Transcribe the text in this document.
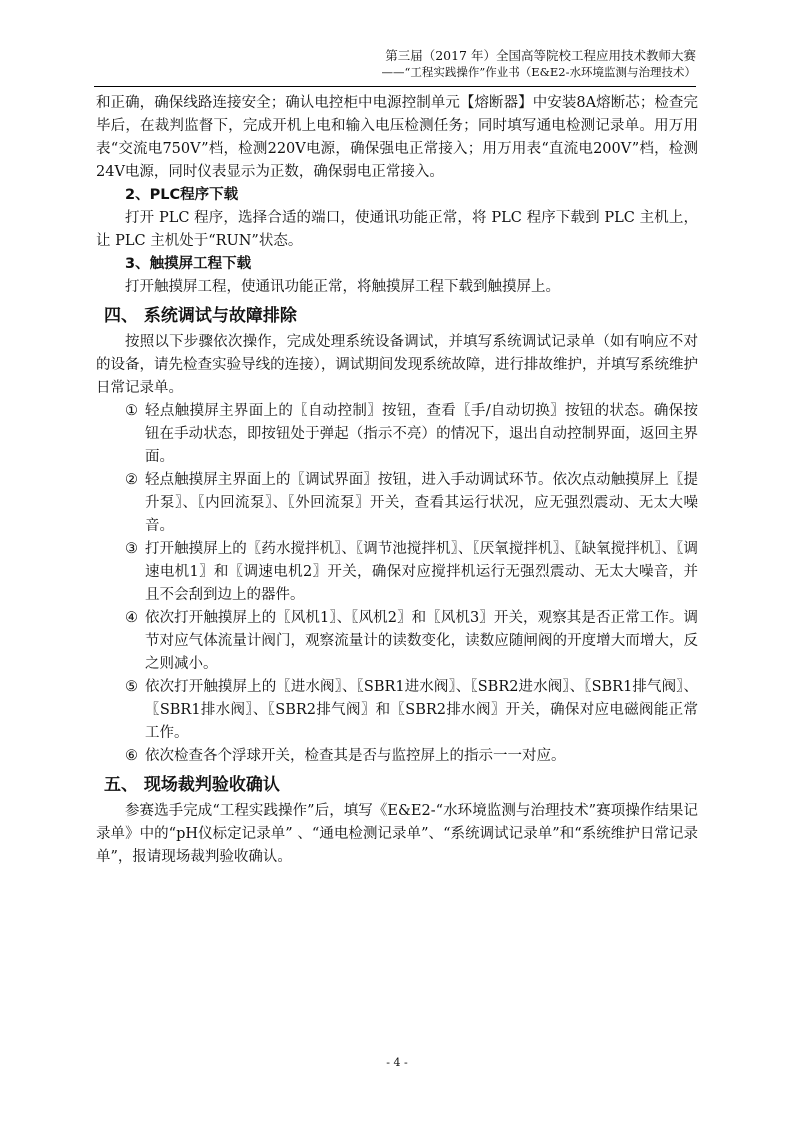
第三届（2017 年）全国高等院校工程应用技术教师大赛
——“工程实践操作”作业书（E&E2-水环境监测与治理技术）

和正确，确保线路连接安全；确认电控柜中电源控制单元【熔断器】中安装8A熔断芯；检查完毕后，在裁判监督下，完成开机上电和输入电压检测任务；同时填写通电检测记录单。用万用表“交流电750V”档，检测220V电源，确保强电正常接入；用万用表“直流电200V”档，检测24V电源，同时仪表显示为正数，确保弱电正常接入。

2、PLC程序下载

打开 PLC 程序，选择合适的端口，使通讯功能正常，将 PLC 程序下载到 PLC 主机上，让 PLC 主机处于“RUN”状态。

3、触摸屏工程下载

打开触摸屏工程，使通讯功能正常，将触摸屏工程下载到触摸屏上。

四、 系统调试与故障排除

按照以下步骤依次操作，完成处理系统设备调试，并填写系统调试记录单（如有响应不对的设备，请先检查实验导线的连接），调试期间发现系统故障，进行排故维护，并填写系统维护日常记录单。

① 轻点触摸屏主界面上的〖自动控制〗按钮，查看〖手/自动切换〗按钮的状态。确保按钮在手动状态，即按钮处于弹起（指示不亮）的情况下，退出自动控制界面，返回主界面。
② 轻点触摸屏主界面上的〖调试界面〗按钮，进入手动调试环节。依次点动触摸屏上〖提升泵〗、〖内回流泵〗、〖外回流泵〗开关，查看其运行状况，应无强烈震动、无太大噪音。
③ 打开触摸屏上的〖药水搅拌机〗、〖调节池搅拌机〗、〖厌氧搅拌机〗、〖缺氧搅拌机〗、〖调速电机1〗和〖调速电机2〗开关，确保对应搅拌机运行无强烈震动、无太大噪音，并且不会刮到边上的器件。
④ 依次打开触摸屏上的〖风机1〗、〖风机2〗和〖风机3〗开关，观察其是否正常工作。调节对应气体流量计阀门，观察流量计的读数变化，读数应随闸阀的开度增大而增大，反之则减小。
⑤ 依次打开触摸屏上的〖进水阀〗、〖SBR1进水阀〗、〖SBR2进水阀〗、〖SBR1排气阀〗、〖SBR1排水阀〗、〖SBR2排气阀〗和〖SBR2排水阀〗开关，确保对应电磁阀能正常工作。
⑥ 依次检查各个浮球开关，检查其是否与监控屏上的指示一一对应。
五、 现场裁判验收确认

参赛选手完成“工程实践操作”后，填写《E&E2-“水环境监测与治理技术”赛项操作结果记录单》中的“pH仪标定记录单” 、“通电检测记录单”、“系统调试记录单”和“系统维护日常记录单”，报请现场裁判验收确认。

- 4 -
